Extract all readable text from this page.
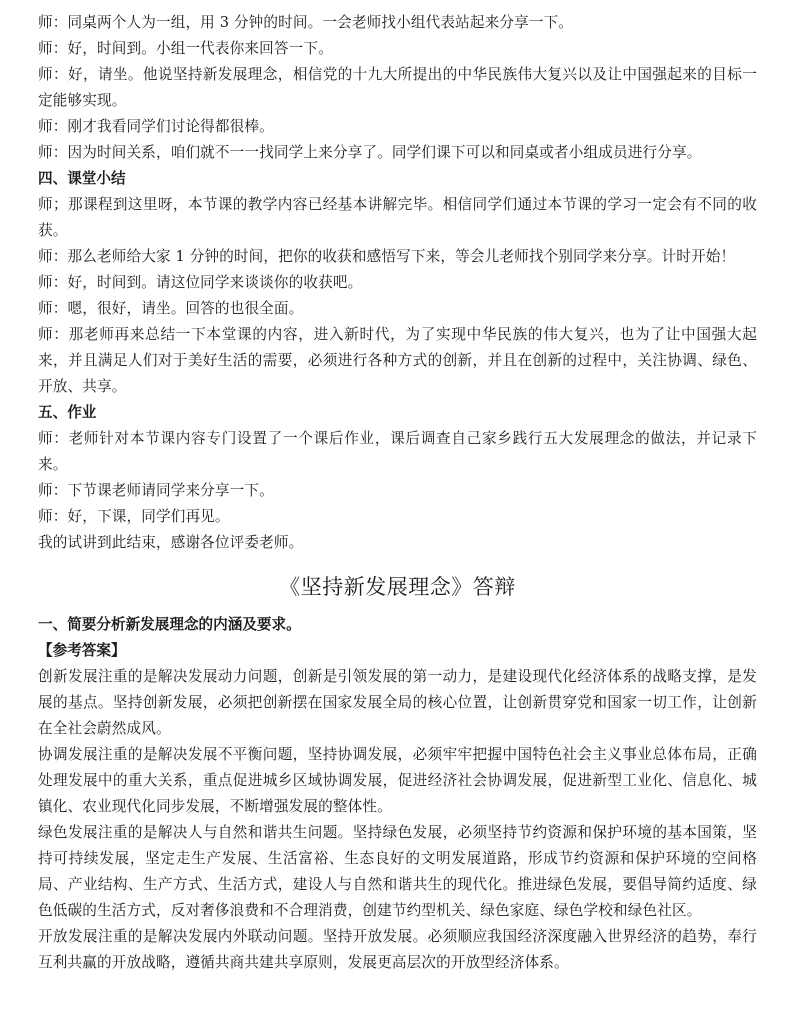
师：同桌两个人为一组，用 3 分钟的时间。一会老师找小组代表站起来分享一下。

师：好，时间到。小组一代表你来回答一下。

师：好，请坐。他说坚持新发展理念，相信党的十九大所提出的中华民族伟大复兴以及让中国强起来的目标一定能够实现。

师：刚才我看同学们讨论得都很棒。

师：因为时间关系，咱们就不一一找同学上来分享了。同学们课下可以和同桌或者小组成员进行分享。

四、课堂小结

师；那课程到这里呀，本节课的教学内容已经基本讲解完毕。相信同学们通过本节课的学习一定会有不同的收获。

师：那么老师给大家 1 分钟的时间，把你的收获和感悟写下来，等会儿老师找个别同学来分享。计时开始！

师：好，时间到。请这位同学来谈谈你的收获吧。

师：嗯，很好，请坐。回答的也很全面。

师：那老师再来总结一下本堂课的内容，进入新时代，为了实现中华民族的伟大复兴，也为了让中国强大起来，并且满足人们对于美好生活的需要，必须进行各种方式的创新，并且在创新的过程中，关注协调、绿色、开放、共享。

五、作业

师：老师针对本节课内容专门设置了一个课后作业，课后调查自己家乡践行五大发展理念的做法，并记录下来。

师：下节课老师请同学来分享一下。

师：好，下课，同学们再见。

我的试讲到此结束，感谢各位评委老师。

《坚持新发展理念》答辩
一、简要分析新发展理念的内涵及要求。
【参考答案】

创新发展注重的是解决发展动力问题，创新是引领发展的第一动力，是建设现代化经济体系的战略支撑，是发展的基点。坚持创新发展，必须把创新摆在国家发展全局的核心位置，让创新贯穿党和国家一切工作，让创新在全社会蔚然成风。

协调发展注重的是解决发展不平衡问题，坚持协调发展，必须牢牢把握中国特色社会主义事业总体布局，正确处理发展中的重大关系，重点促进城乡区域协调发展，促进经济社会协调发展，促进新型工业化、信息化、城镇化、农业现代化同步发展，不断增强发展的整体性。

绿色发展注重的是解决人与自然和谐共生问题。坚持绿色发展，必须坚持节约资源和保护环境的基本国策，坚持可持续发展，坚定走生产发展、生活富裕、生态良好的文明发展道路，形成节约资源和保护环境的空间格局、产业结构、生产方式、生活方式，建设人与自然和谐共生的现代化。推进绿色发展，要倡导简约适度、绿色低碳的生活方式，反对奢侈浪费和不合理消费，创建节约型机关、绿色家庭、绿色学校和绿色社区。

开放发展注重的是解决发展内外联动问题。坚持开放发展。必须顺应我国经济深度融入世界经济的趋势，奉行互利共赢的开放战略，遵循共商共建共享原则，发展更高层次的开放型经济体系。
